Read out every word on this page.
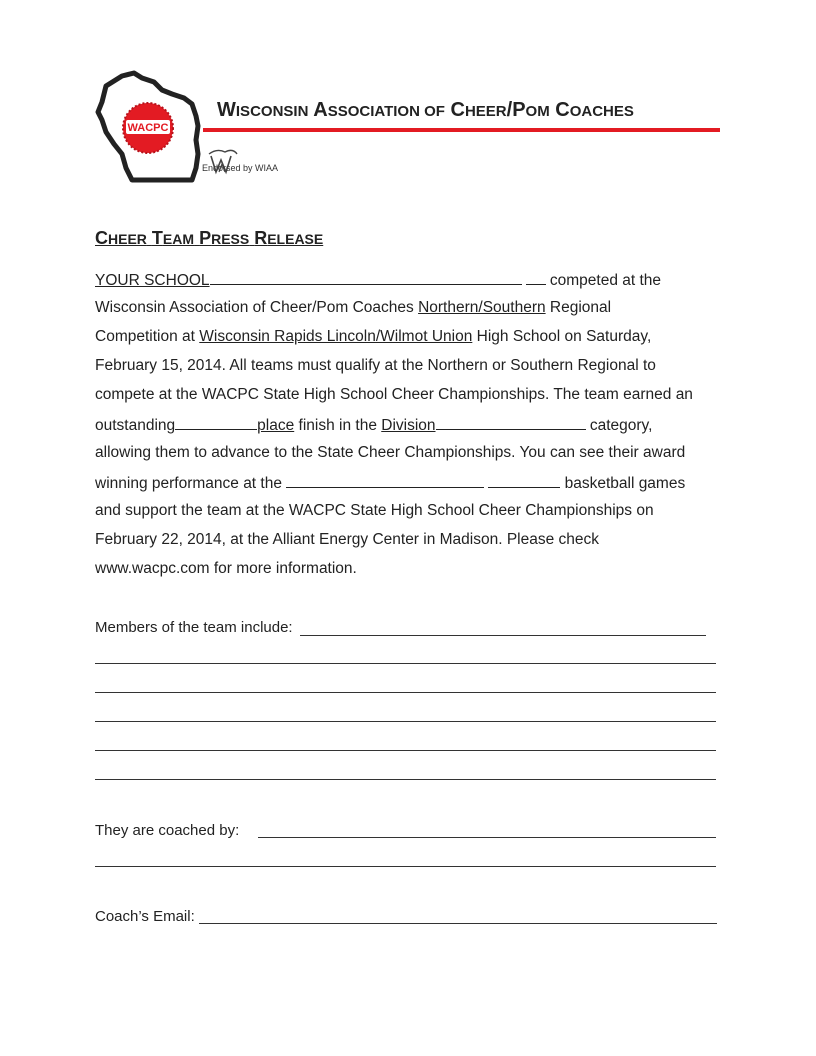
WACPC
WISCONSIN ASSOCIATION OF CHEER/POM COACHES
Endorsed by WIAA
CHEER TEAM PRESS RELEASE
YOUR SCHOOL	competed at the
Wisconsin Association of Cheer/Pom Coaches Northern/Southern Regional
Competition at Wisconsin Rapids Lincoln/Wilmot Union High School on Saturday,
February 15, 2014. All teams must qualify at the Northern or Southern Regional to
compete at the WACPC State High School Cheer Championships. The team earned an
outstanding	place finish in the Division	category,
allowing them to advance to the State Cheer Championships. You can see their award
winning performance at the	basketball games
and support the team at the WACPC State High School Cheer Championships on
February 22, 2014, at the Alliant Energy Center in Madison. Please check
www.wacpc.com for more information.
Members of the team include:
They are coached by:
Coach’s Email:
